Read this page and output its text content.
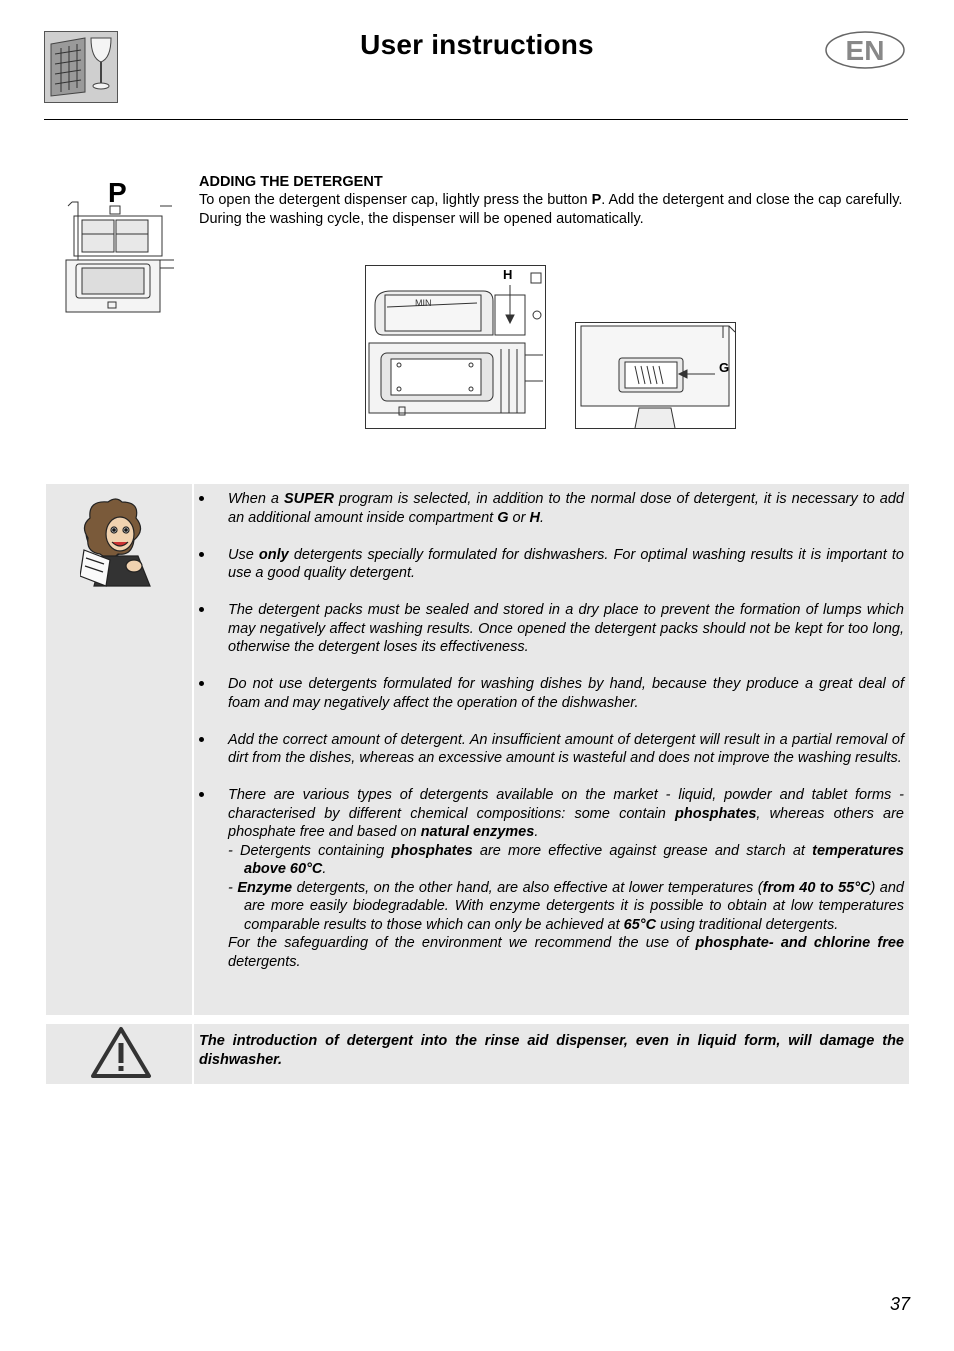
User instructions	EN
P	ADDING THE DETERGENT
To open the detergent dispenser cap, lightly press the button P. Add the detergent and close the cap carefully.
During the washing cycle, the dispenser will be opened automatically.
MIN
H
G
When a SUPER program is selected, in addition to the normal dose of detergent, it is necessary to add an additional amount inside compartment G or H.
Use only detergents specially formulated for dishwashers. For optimal washing results it is important to use a good quality detergent.
The detergent packs must be sealed and stored in a dry place to prevent the formation of lumps which may negatively affect washing results. Once opened the detergent packs should not be kept for too long, otherwise the detergent loses its effectiveness.
Do not use detergents formulated for washing dishes by hand, because they produce a great deal of foam and may negatively affect the operation of the dishwasher.
Add the correct amount of detergent. An insufficient amount of detergent will result in a partial removal of dirt from the dishes, whereas an excessive amount is wasteful and does not improve the washing results.
There are various types of detergents available on the market - liquid, powder and tablet forms - characterised by different chemical compositions: some contain phosphates, whereas others are phosphate free and based on natural enzymes.
- Detergents containing phosphates are more effective against grease and starch at temperatures above 60°C.
- Enzyme detergents, on the other hand, are also effective at lower temperatures (from 40 to 55°C) and are more easily biodegradable. With enzyme detergents it is possible to obtain at low temperatures comparable results to those which can only be achieved at 65°C using traditional detergents.
For the safeguarding of the environment we recommend the use of phosphate- and chlorine free detergents.
The introduction of detergent into the rinse aid dispenser, even in liquid form, will damage the dishwasher.
37
